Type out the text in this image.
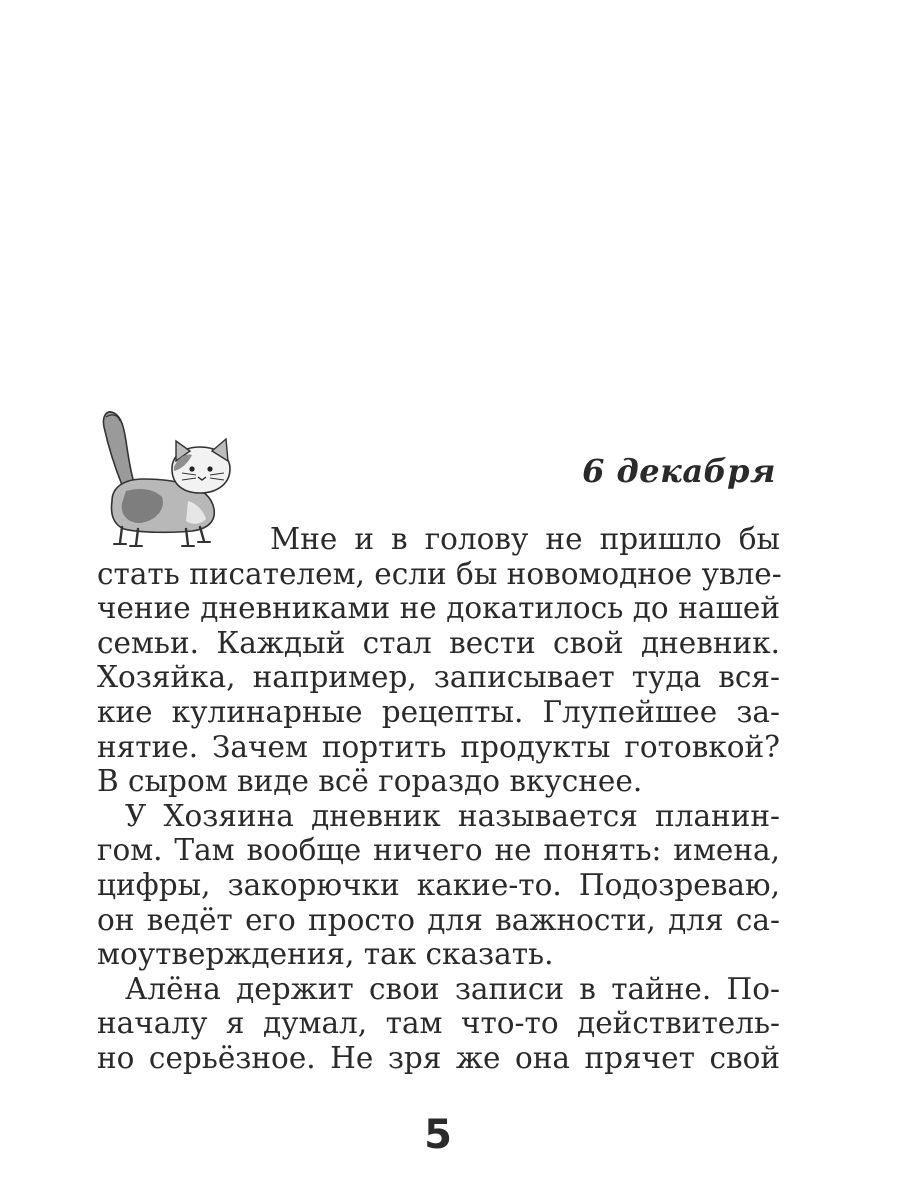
6 декабря
Мне и в голову не пришло бы
стать писателем, если бы новомодное увле-
чение дневниками не докатилось до нашей
семьи. Каждый стал вести свой дневник.
Хозяйка, например, записывает туда вся-
кие кулинарные рецепты. Глупейшее за-
нятие. Зачем портить продукты готовкой?
В сыром виде всё гораздо вкуснее.
У Хозяина дневник называется планин-
гом. Там вообще ничего не понять: имена,
цифры, закорючки какие-то. Подозреваю,
он ведёт его просто для важности, для са-
моутверждения, так сказать.
Алёна держит свои записи в тайне. По-
началу я думал, там что-то действитель-
но серьёзное. Не зря же она прячет свой
5
